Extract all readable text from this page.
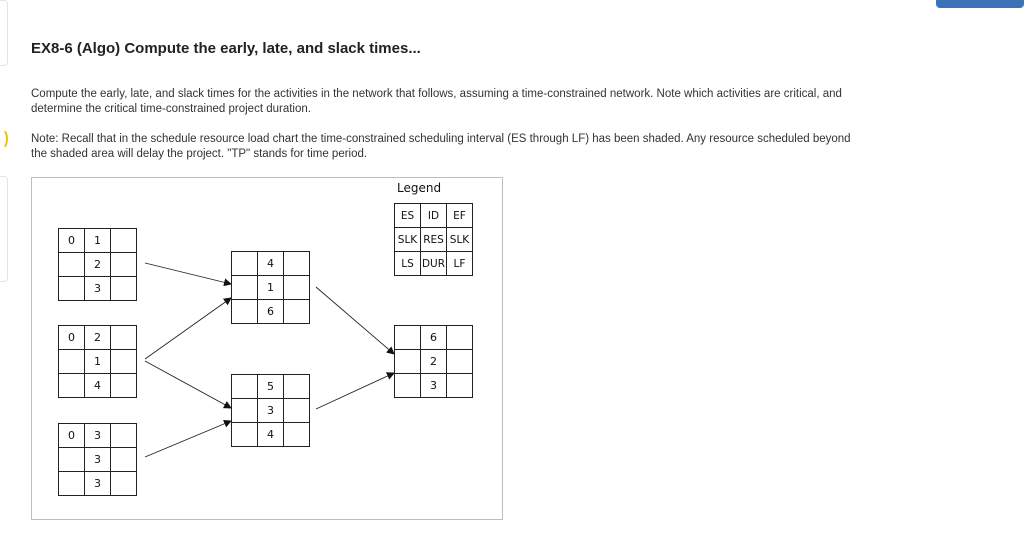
EX8-6 (Algo) Compute the early, late, and slack times...

Compute the early, late, and slack times for the activities in the network that follows, assuming a time-constrained network. Note which activities are critical, and determine the critical time-constrained project duration.

Note: Recall that in the schedule resource load chart the time-constrained scheduling interval (ES through LF) has been shaded. Any resource scheduled beyond the shaded area will delay the project. "TP" stands for time period.

Legend
ES	ID	EF
SLK	RES	SLK
LS	DUR	LF
0	1	
	2	
	3	
0	2	
	1	
	4	
0	3	
	3	
	3	
	4	
	1	
	6	
	5	
	3	
	4	
	6	
	2	
	3	
